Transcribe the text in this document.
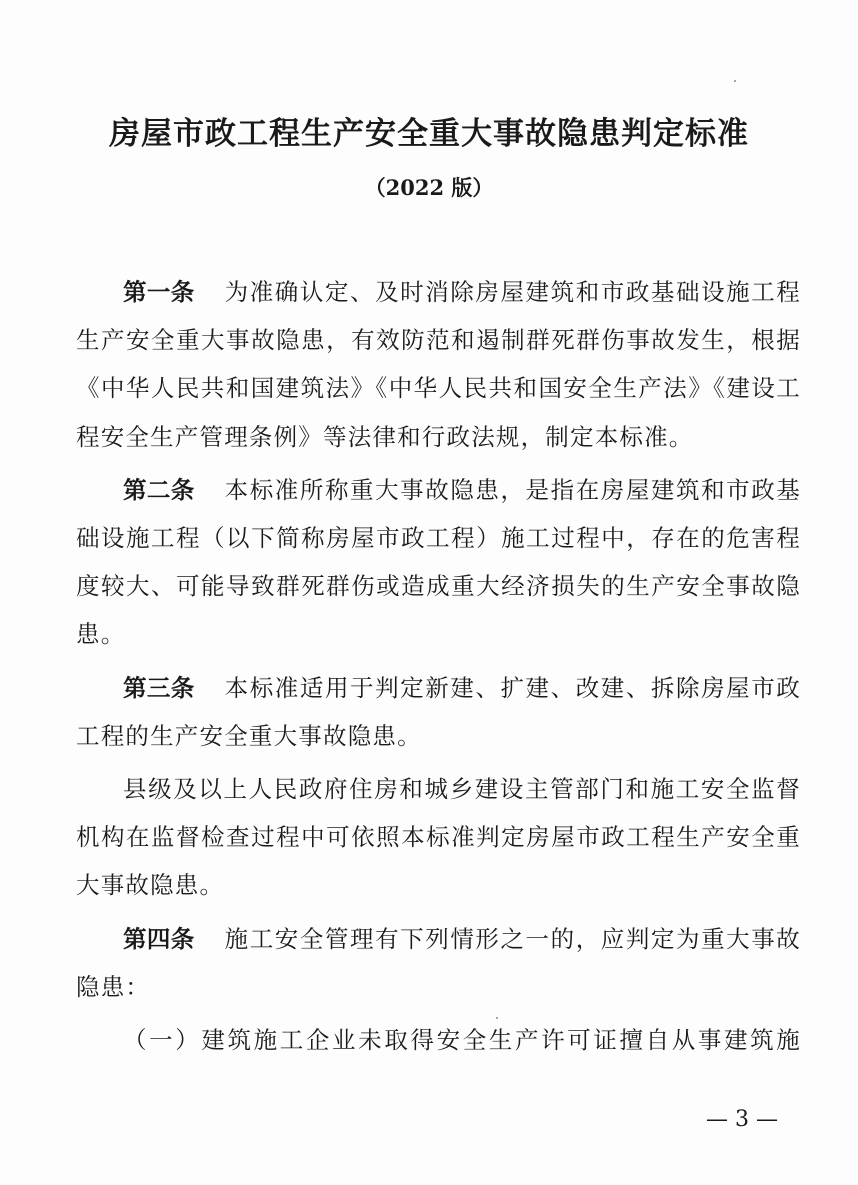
房屋市政工程生产安全重大事故隐患判定标准
（2022 版）

第一条 为准确认定、及时消除房屋建筑和市政基础设施工程生产安全重大事故隐患，有效防范和遏制群死群伤事故发生，根据《中华人民共和国建筑法》《中华人民共和国安全生产法》《建设工程安全生产管理条例》等法律和行政法规，制定本标准。

第二条 本标准所称重大事故隐患，是指在房屋建筑和市政基础设施工程（以下简称房屋市政工程）施工过程中，存在的危害程度较大、可能导致群死群伤或造成重大经济损失的生产安全事故隐患。

第三条 本标准适用于判定新建、扩建、改建、拆除房屋市政工程的生产安全重大事故隐患。

县级及以上人民政府住房和城乡建设主管部门和施工安全监督机构在监督检查过程中可依照本标准判定房屋市政工程生产安全重大事故隐患。

第四条 施工安全管理有下列情形之一的，应判定为重大事故隐患：

（一）建筑施工企业未取得安全生产许可证擅自从事建筑施

— 3 —
